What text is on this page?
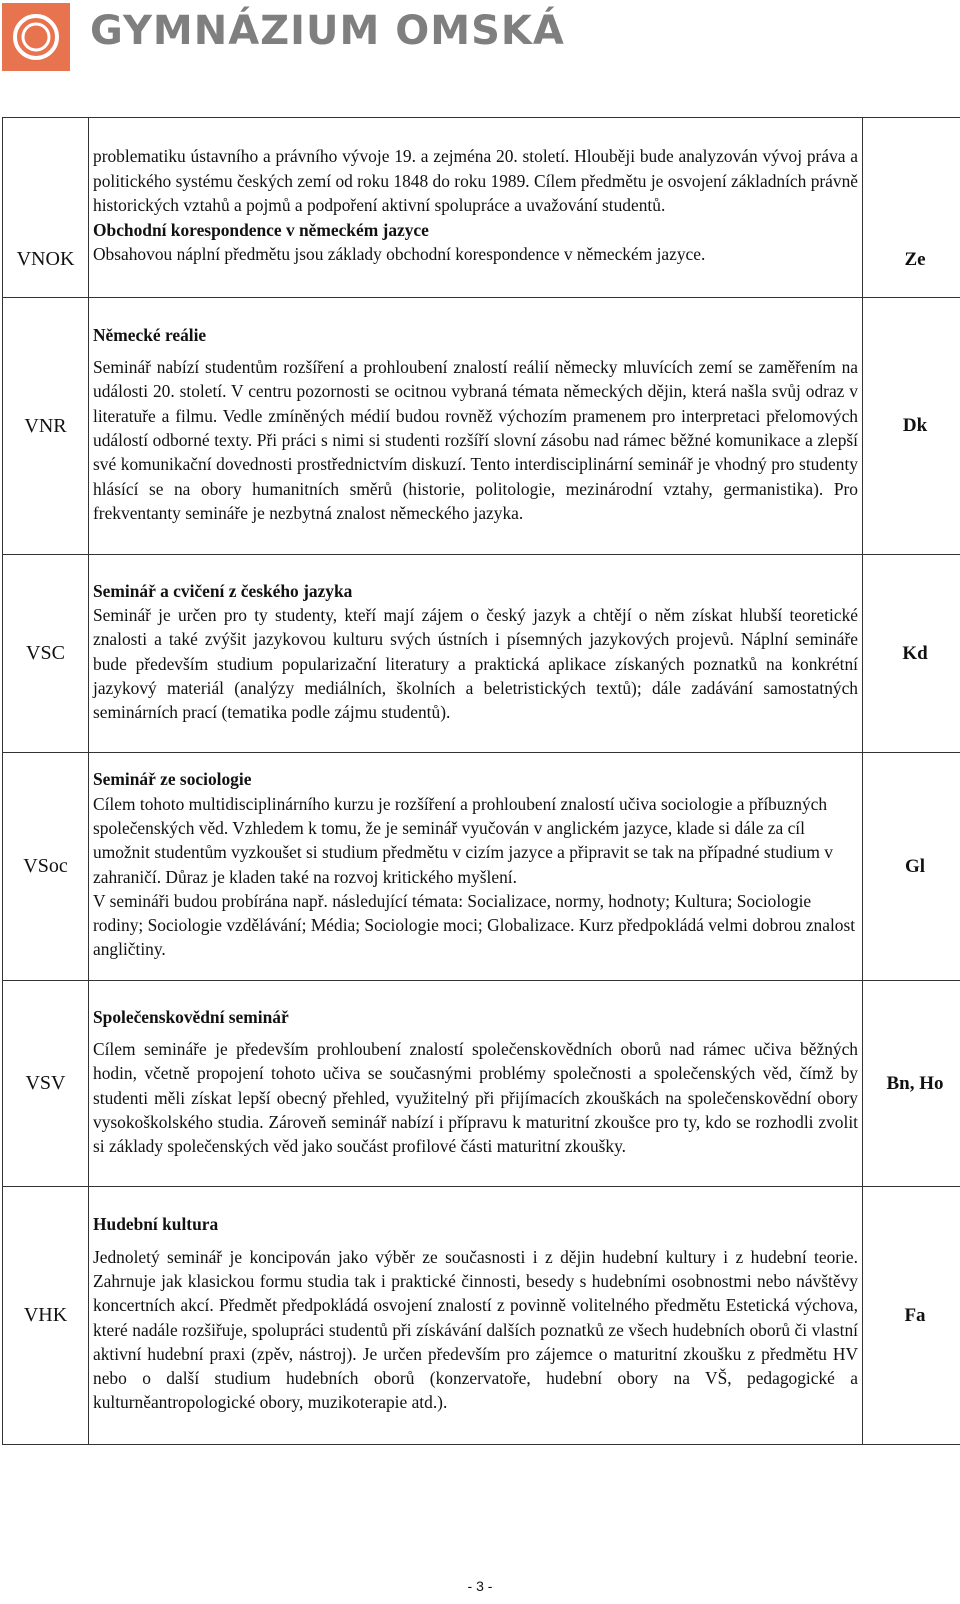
GYMNÁZIUM OMSKÁ
VNOK	problematiku ústavního a právního vývoje 19. a zejména 20. století. Hlouběji bude analyzován vývoj práva a politického systému českých zemí od roku 1848 do roku 1989. Cílem předmětu je osvojení základních právně historických vztahů a pojmů a podpoření aktivní spolupráce a uvažování studentů.
Obchodní korespondence v německém jazyce
Obsahovou náplní předmětu jsou základy obchodní korespondence v německém jazyce.	Ze
VNR	Německé reálie
Seminář nabízí studentům rozšíření a prohloubení znalostí reálií německy mluvících zemí se zaměřením na události 20. století. V centru pozornosti se ocitnou vybraná témata německých dějin, která našla svůj odraz v literatuře a filmu. Vedle zmíněných médií budou rovněž výchozím pramenem pro interpretaci přelomových událostí odborné texty. Při práci s nimi si studenti rozšíří slovní zásobu nad rámec běžné komunikace a zlepší své komunikační dovednosti prostřednictvím diskuzí. Tento interdisciplinární seminář je vhodný pro studenty hlásící se na obory humanitních směrů (historie, politologie, mezinárodní vztahy, germanistika). Pro frekventanty semináře je nezbytná znalost německého jazyka.	Dk
VSC	Seminář a cvičení z českého jazyka
Seminář je určen pro ty studenty, kteří mají zájem o český jazyk a chtějí o něm získat hlubší teoretické znalosti a také zvýšit jazykovou kulturu svých ústních i písemných jazykových projevů. Náplní semináře bude především studium popularizační literatury a praktická aplikace získaných poznatků na konkrétní jazykový materiál (analýzy mediálních, školních a beletristických textů); dále zadávání samostatných seminárních prací (tematika podle zájmu studentů).	Kd
VSoc	Seminář ze sociologie
Cílem tohoto multidisciplinárního kurzu je rozšíření a prohloubení znalostí učiva sociologie a příbuzných společenských věd. Vzhledem k tomu, že je seminář vyučován v anglickém jazyce, klade si dále za cíl umožnit studentům vyzkoušet si studium předmětu v cizím jazyce a připravit se tak na případné studium v zahraničí. Důraz je kladen také na rozvoj kritického myšlení.
V semináři budou probírána např. následující témata: Socializace, normy, hodnoty; Kultura; Sociologie rodiny; Sociologie vzdělávání; Média; Sociologie moci; Globalizace. Kurz předpokládá velmi dobrou znalost angličtiny.	Gl
VSV	Společenskovědní seminář
Cílem semináře je především prohloubení znalostí společenskovědních oborů nad rámec učiva běžných hodin, včetně propojení tohoto učiva se současnými problémy společnosti a společenských věd, čímž by studenti měli získat lepší obecný přehled, využitelný při přijímacích zkouškách na společenskovědní obory vysokoškolského studia. Zároveň seminář nabízí i přípravu k maturitní zkoušce pro ty, kdo se rozhodli zvolit si základy společenských věd jako součást profilové části maturitní zkoušky.	Bn, Ho
VHK	Hudební kultura
Jednoletý seminář je koncipován jako výběr ze současnosti i z dějin hudební kultury i z hudební teorie. Zahrnuje jak klasickou formu studia tak i praktické činnosti, besedy s hudebními osobnostmi nebo návštěvy koncertních akcí. Předmět předpokládá osvojení znalostí z povinně volitelného předmětu Estetická výchova, které nadále rozšiřuje, spolupráci studentů při získávání dalších poznatků ze všech hudebních oborů či vlastní aktivní hudební praxi (zpěv, nástroj). Je určen především pro zájemce o maturitní zkoušku z předmětu HV nebo o další studium hudebních oborů (konzervatoře, hudební obory na VŠ, pedagogické a kulturněantropologické obory, muzikoterapie atd.).	Fa
- 3 -
